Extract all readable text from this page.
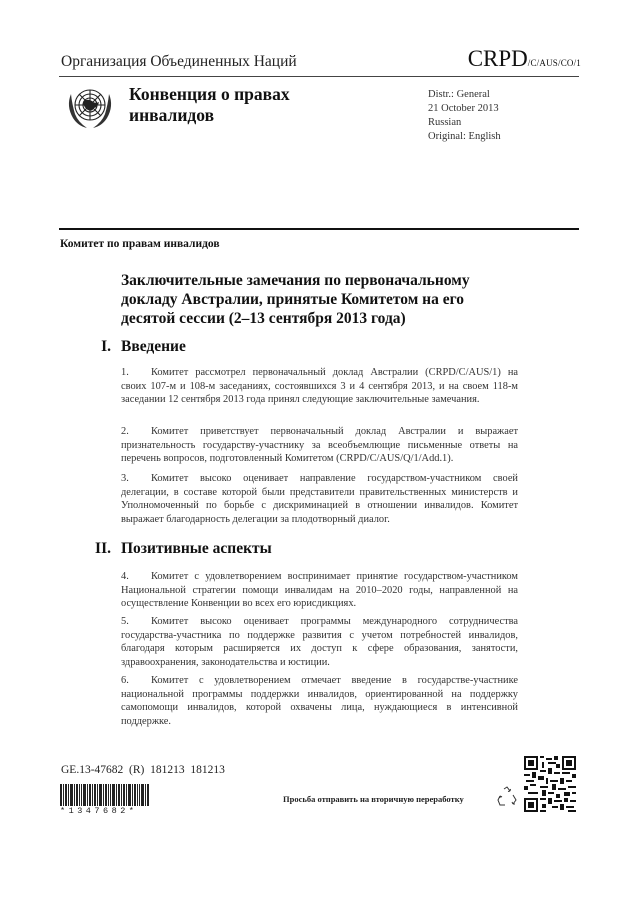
Организация Объединенных Наций	CRPD/C/AUS/CO/1
Конвенция о правах
инвалидов
Distr.: General
21 October 2013
Russian
Original: English
Комитет по правам инвалидов
Заключительные замечания по первоначальному
докладу Австралии, принятые Комитетом на его
десятой сессии (2–13 сентября 2013 года)
I. Введение
1. Комитет рассмотрел первоначальный доклад Австралии (CRPD/C/AUS/1) на своих 107-м и 108-м заседаниях, состоявшихся 3 и 4 сентября 2013, и на своем 118-м заседании 12 сентября 2013 года принял следующие заключительные замечания.
2. Комитет приветствует первоначальный доклад Австралии и выражает признательность государству-участнику за всеобъемлющие письменные ответы на перечень вопросов, подготовленный Комитетом (CRPD/C/AUS/Q/1/Add.1).
3. Комитет высоко оценивает направление государством-участником своей делегации, в составе которой были представители правительственных министерств и Уполномоченный по борьбе с дискриминацией в отношении инвалидов. Комитет выражает благодарность делегации за плодотворный диалог.
II. Позитивные аспекты
4. Комитет с удовлетворением воспринимает принятие государством-участником Национальной стратегии помощи инвалидам на 2010–2020 годы, направленной на осуществление Конвенции во всех его юрисдикциях.
5. Комитет высоко оценивает программы международного сотрудничества государства-участника по поддержке развития с учетом потребностей инвалидов, благодаря которым расширяется их доступ к сфере образования, занятости, здравоохранения, законодательства и юстиции.
6. Комитет с удовлетворением отмечает введение в государстве-участнике национальной программы поддержки инвалидов, ориентированной на поддержку самопомощи инвалидов, которой охвачены лица, нуждающиеся в интенсивной поддержке.
GE.13-47682  (R)  181213  181213
*1347682*
Просьба отправить на вторичную переработку
